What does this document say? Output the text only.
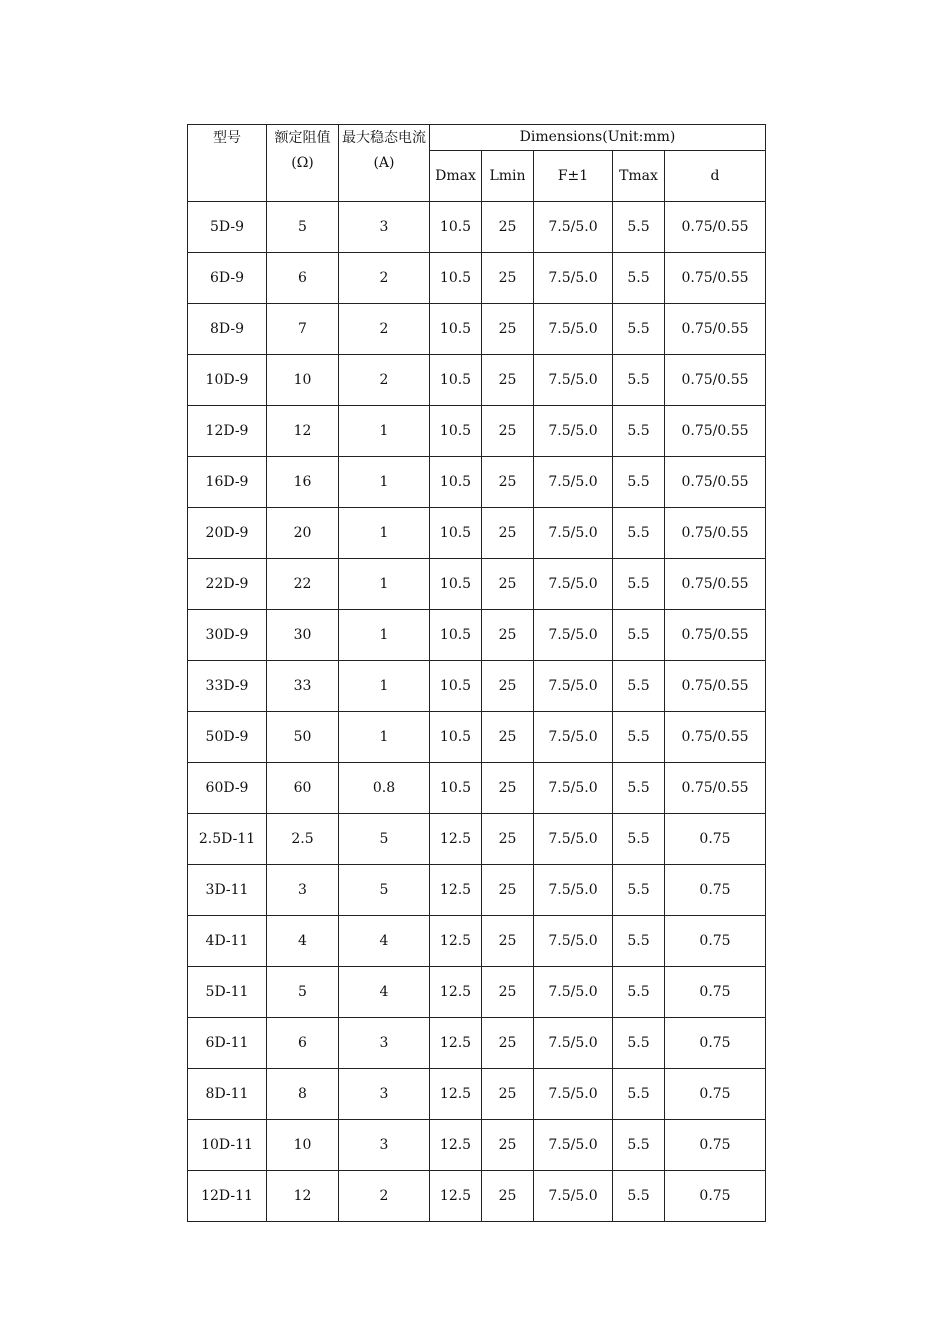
型号	额定阻值(Ω)	最大稳态电流(A)	Dimensions(Unit:mm)				
			Dmax	Lmin	F±1	Tmax	d
5D-9	5	3	10.5	25	7.5/5.0	5.5	0.75/0.55
6D-9	6	2	10.5	25	7.5/5.0	5.5	0.75/0.55
8D-9	7	2	10.5	25	7.5/5.0	5.5	0.75/0.55
10D-9	10	2	10.5	25	7.5/5.0	5.5	0.75/0.55
12D-9	12	1	10.5	25	7.5/5.0	5.5	0.75/0.55
16D-9	16	1	10.5	25	7.5/5.0	5.5	0.75/0.55
20D-9	20	1	10.5	25	7.5/5.0	5.5	0.75/0.55
22D-9	22	1	10.5	25	7.5/5.0	5.5	0.75/0.55
30D-9	30	1	10.5	25	7.5/5.0	5.5	0.75/0.55
33D-9	33	1	10.5	25	7.5/5.0	5.5	0.75/0.55
50D-9	50	1	10.5	25	7.5/5.0	5.5	0.75/0.55
60D-9	60	0.8	10.5	25	7.5/5.0	5.5	0.75/0.55
2.5D-11	2.5	5	12.5	25	7.5/5.0	5.5	0.75
3D-11	3	5	12.5	25	7.5/5.0	5.5	0.75
4D-11	4	4	12.5	25	7.5/5.0	5.5	0.75
5D-11	5	4	12.5	25	7.5/5.0	5.5	0.75
6D-11	6	3	12.5	25	7.5/5.0	5.5	0.75
8D-11	8	3	12.5	25	7.5/5.0	5.5	0.75
10D-11	10	3	12.5	25	7.5/5.0	5.5	0.75
12D-11	12	2	12.5	25	7.5/5.0	5.5	0.75
